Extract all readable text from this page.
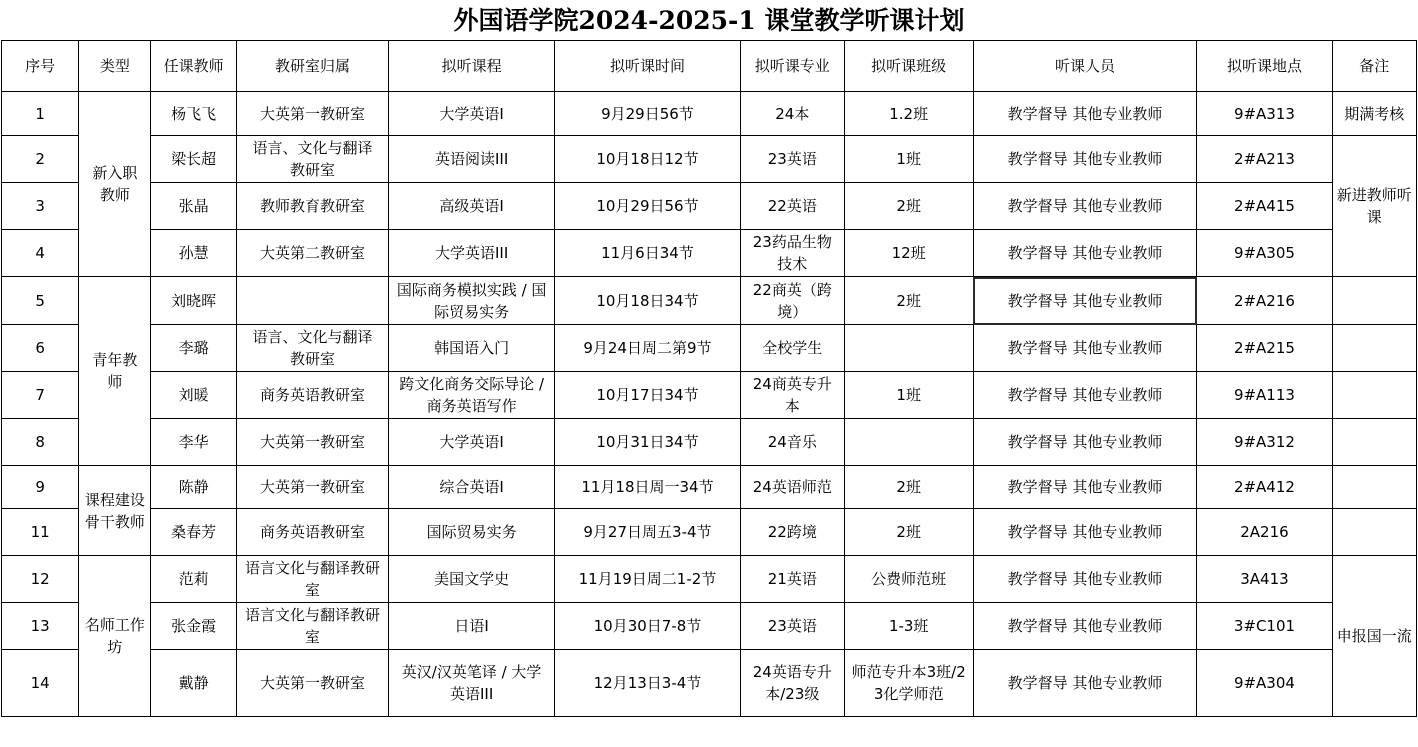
外国语学院2024-2025-1 课堂教学听课计划
序号	类型	任课教师	教研室归属	拟听课程	拟听课时间	拟听课专业	拟听课班级	听课人员	拟听课地点	备注
1	新入职教师	杨飞飞	大英第一教研室	大学英语I	9月29日56节	24本	1.2班	教学督导 其他专业教师	9#A313	期满考核
2		梁长超	语言、文化与翻译教研室	英语阅读III	10月18日12节	23英语	1班	教学督导 其他专业教师	2#A213	新进教师听课
3		张晶	教师教育教研室	高级英语I	10月29日56节	22英语	2班	教学督导 其他专业教师	2#A415	
4		孙慧	大英第二教研室	大学英语III	11月6日34节	23药品生物技术	12班	教学督导 其他专业教师	9#A305	
5	青年教师	刘晓晖		国际商务模拟实践 / 国际贸易实务	10月18日34节	22商英（跨境）	2班	教学督导 其他专业教师	2#A216	
6		李璐	语言、文化与翻译教研室	韩国语入门	9月24日周二第9节	全校学生		教学督导 其他专业教师	2#A215	
7		刘暖	商务英语教研室	跨文化商务交际导论 / 商务英语写作	10月17日34节	24商英专升本	1班	教学督导 其他专业教师	9#A113	
8		李华	大英第一教研室	大学英语I	10月31日34节	24音乐		教学督导 其他专业教师	9#A312	
9	课程建设骨干教师	陈静	大英第一教研室	综合英语I	11月18日周一34节	24英语师范	2班	教学督导 其他专业教师	2#A412	
11		桑春芳	商务英语教研室	国际贸易实务	9月27日周五3-4节	22跨境	2班	教学督导 其他专业教师	2A216	
12	名师工作坊	范莉	语言文化与翻译教研室	美国文学史	11月19日周二1-2节	21英语	公费师范班	教学督导 其他专业教师	3A413	申报国一流
13		张金霞	语言文化与翻译教研室	日语I	10月30日7-8节	23英语	1-3班	教学督导 其他专业教师	3#C101	
14		戴静	大英第一教研室	英汉/汉英笔译 / 大学英语III	12月13日3-4节	24英语专升本/23级	师范专升本3班/23化学师范	教学督导 其他专业教师	9#A304	
